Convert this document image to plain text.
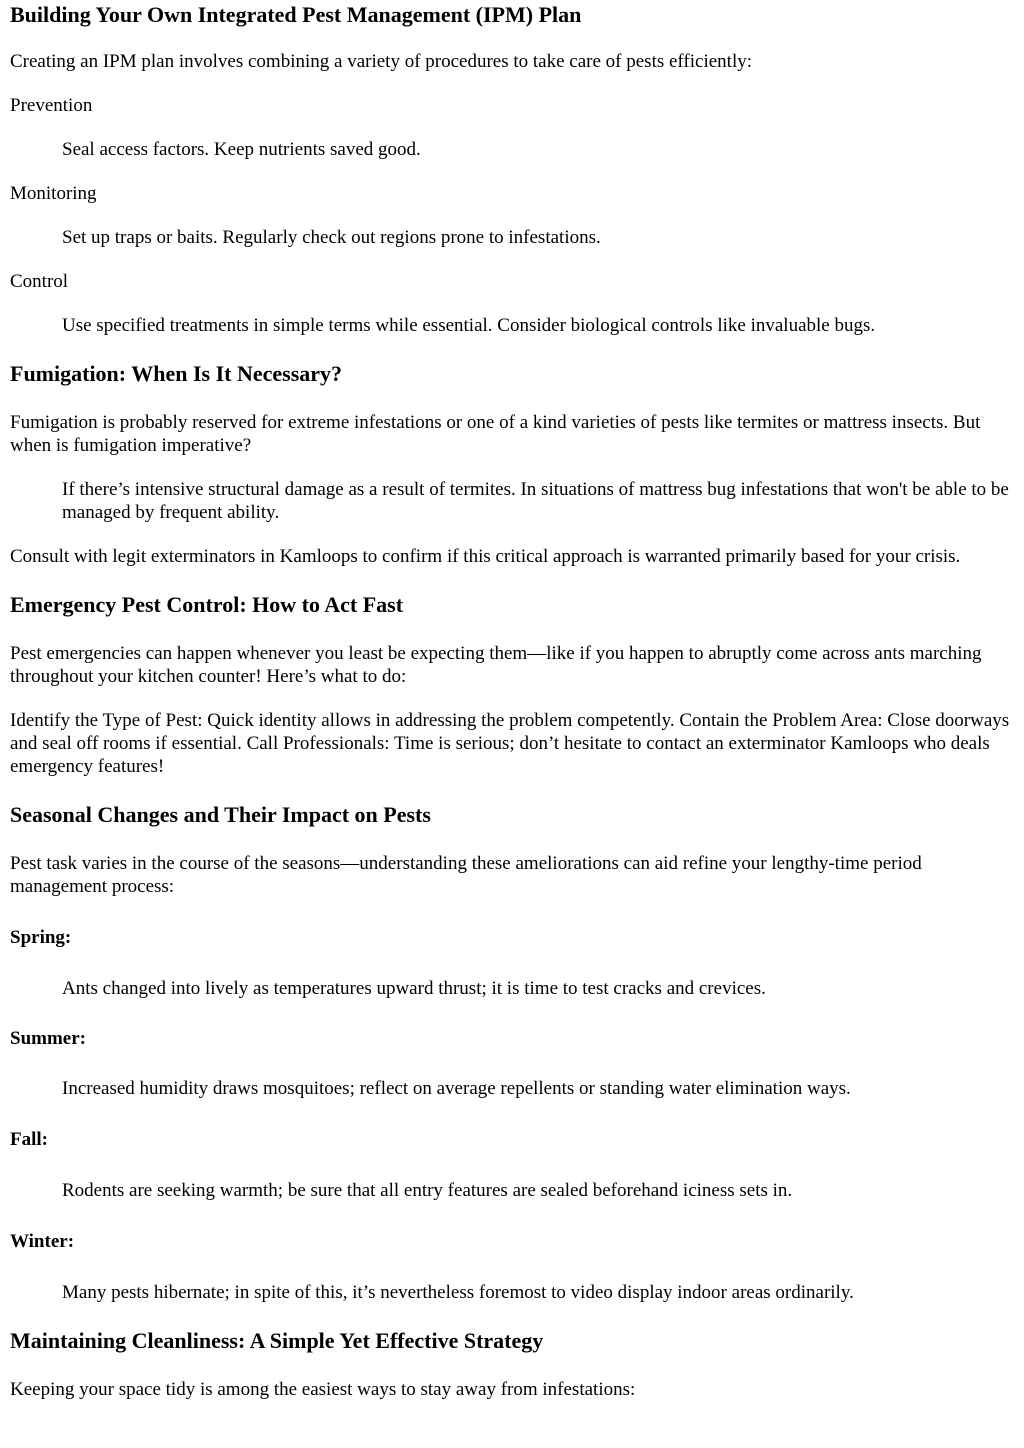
Building Your Own Integrated Pest Management (IPM) Plan

Creating an IPM plan involves combining a variety of procedures to take care of pests efficiently:

Prevention
Seal access factors. Keep nutrients saved good.
Monitoring
Set up traps or baits. Regularly check out regions prone to infestations.
Control
Use specified treatments in simple terms while essential. Consider biological controls like invaluable bugs.
Fumigation: When Is It Necessary?

Fumigation is probably reserved for extreme infestations or one of a kind varieties of pests like termites or mattress insects. But when is fumigation imperative?

If there’s intensive structural damage as a result of termites. In situations of mattress bug infestations that won't be able to be managed by frequent ability.

Consult with legit exterminators in Kamloops to confirm if this critical approach is warranted primarily based for your crisis.

Emergency Pest Control: How to Act Fast

Pest emergencies can happen whenever you least be expecting them—like if you happen to abruptly come across ants marching throughout your kitchen counter! Here’s what to do:

Identify the Type of Pest: Quick identity allows in addressing the problem competently. Contain the Problem Area: Close doorways and seal off rooms if essential. Call Professionals: Time is serious; don’t hesitate to contact an exterminator Kamloops who deals emergency features!

Seasonal Changes and Their Impact on Pests

Pest task varies in the course of the seasons—understanding these ameliorations can aid refine your lengthy-time period management process:

Spring:
Ants changed into lively as temperatures upward thrust; it is time to test cracks and crevices.
Summer:
Increased humidity draws mosquitoes; reflect on average repellents or standing water elimination ways.
Fall:
Rodents are seeking warmth; be sure that all entry features are sealed beforehand iciness sets in.
Winter:
Many pests hibernate; in spite of this, it’s nevertheless foremost to video display indoor areas ordinarily.
Maintaining Cleanliness: A Simple Yet Effective Strategy

Keeping your space tidy is among the easiest ways to stay away from infestations:
